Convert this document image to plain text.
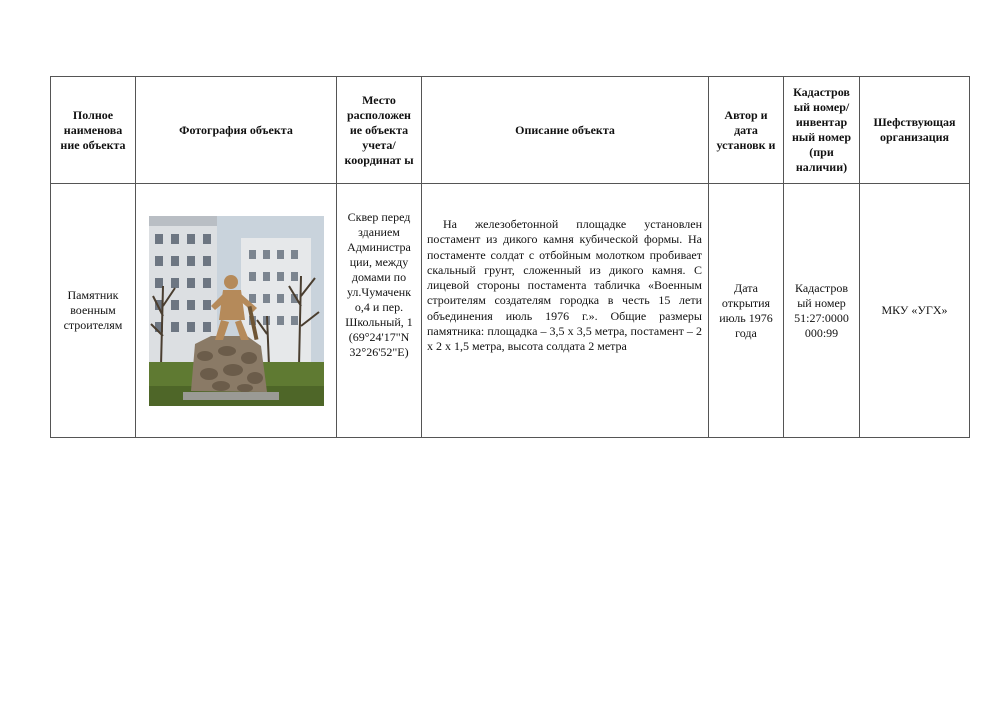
Полное наименова ние объекта	Фотография объекта	Место расположен ие объекта учета/ координат ы	Описание объекта	Автор и дата установк и	Кадастров ый номер/ инвентар ный номер (при наличии)	Шефствующая организация
Памятник военным строителям		Сквер перед зданием Администра ции, между домами по ул.Чумаченк о,4 и пер. Школьный, 1 (69°24'17"N 32°26'52"E)	На железобетонной площадке установлен постамент из дикого камня кубической формы. На постаменте солдат с отбойным молотком пробивает скальный грунт, сложенный из дикого камня. С лицевой стороны постамента табличка «Военным строителям создателям городка в честь 15 лети объединения июль 1976 г.». Общие размеры памятника: площадка – 3,5 х 3,5 метра, постамент – 2 х 2 х 1,5 метра, высота солдата 2 метра	Дата открытия июль 1976 года	Кадастров ый номер 51:27:0000 000:99	МКУ «УГХ»
